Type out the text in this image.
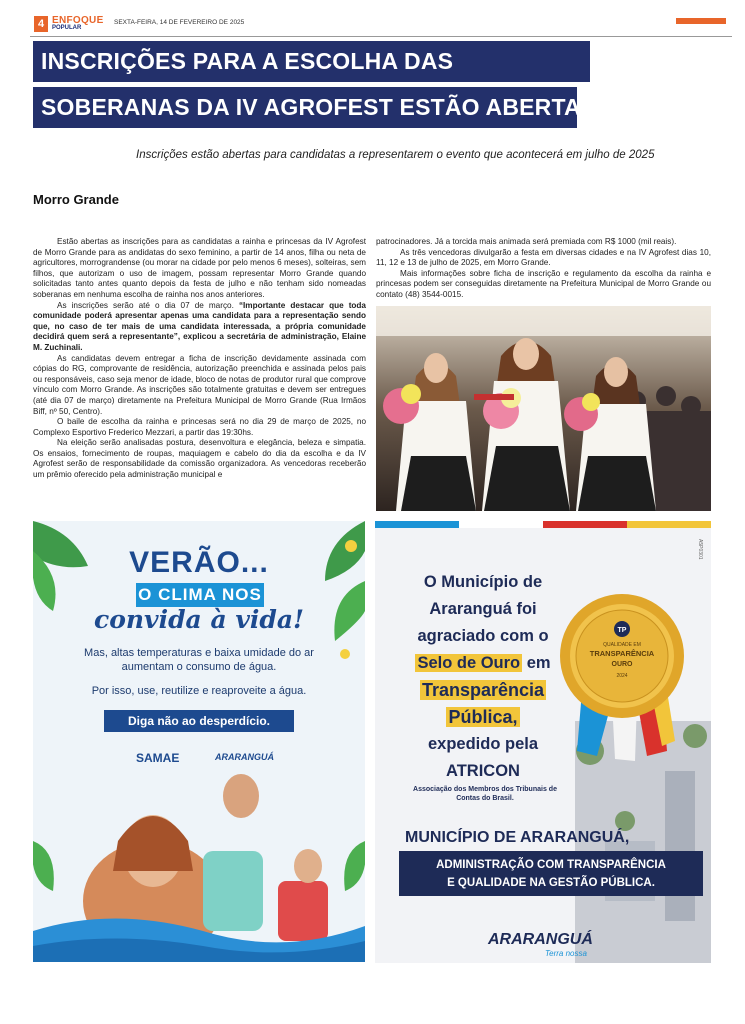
4 ENFOQUE
POPULAR
SEXTA-FEIRA, 14 DE FEVEREIRO DE 2025
INSCRIÇÕES PARA A ESCOLHA DAS
SOBERANAS DA IV AGROFEST ESTÃO ABERTAS
Inscrições estão abertas para candidatas a representarem o evento que acontecerá em julho de 2025
Morro Grande

Estão abertas as inscrições para as candidatas a rainha e princesas da IV Agrofest de Morro Grande para as andidatas do sexo feminino, a partir de 14 anos, filha ou neta de agricultores, morrograndense (ou morar na cidade por pelo menos 6 meses), solteiras, sem filhos, que autorizam o uso de imagem, possam representar Morro Grande quando solicitadas tanto antes quanto depois da festa de julho e não tenham sido nomeadas soberanas em nenhuma escolha de rainha nos anos anteriores.

As inscrições serão até o dia 07 de março. “Importante destacar que toda comunidade poderá apresentar apenas uma candidata para a representação sendo que, no caso de ter mais de uma candidata interessada, a própria comunidade decidirá quem será a representante”, explicou a secretária de administração, Elaine M. Zuchinali.

As candidatas devem entregar a ficha de inscrição devidamente assinada com cópias do RG, comprovante de residência, autorização preenchida e assinada pelos pais ou responsáveis, caso seja menor de idade, bloco de notas de produtor rural que comprove vínculo com Morro Grande. As inscrições são totalmente gratuitas e devem ser entregues (até dia 07 de março) diretamente na Prefeitura Municipal de Morro Grande (Rua Irmãos Biff, nº 50, Centro).

O baile de escolha da rainha e princesas será no dia 29 de março de 2025, no Complexo Esportivo Frederico Mezzari, a partir das 19:30hs.

Na eleição serão analisadas postura, desenvoltura e elegância, beleza e simpatia. Os ensaios, fornecimento de roupas, maquiagem e cabelo do dia da escolha e da IV Agrofest serão de responsabilidade da comissão organizadora. As vencedoras receberão um prêmio oferecido pela administração municipal e

patrocinadores. Já a torcida mais animada será premiada com R$ 1000 (mil reais).

As três vencedoras divulgarão a festa em diversas cidades e na IV Agrofest dias 10, 11, 12 e 13 de julho de 2025, em Morro Grande.

Mais informações sobre ficha de inscrição e regulamento da escolha da rainha e princesas podem ser conseguidas diretamente na Prefeitura Municipal de Morro Grande ou contato (48) 3544-0015.

VERÃO...
O CLIMA NOS
convida à vida!
Mas, altas temperaturas e baixa umidade do ar aumentam o consumo de água.
Por isso, use, reutilize e reaproveite a água.
Diga não ao desperdício.
SAMAE	ARARANGUÁ
O Município de
Araranguá foi
agraciado com o
Selo de Ouro em
Transparência
Pública,
expedido pela
ATRICON
Associação dos Membros dos Tribunais de Contas do Brasil.
A5P0301
TP
QUALIDADE EM
TRANSPARÊNCIA
OURO
2024
MUNICÍPIO DE ARARANGUÁ,
ADMINISTRAÇÃO COM TRANSPARÊNCIA
E QUALIDADE NA GESTÃO PÚBLICA.
ARARANGUÁ
Terra nossa
